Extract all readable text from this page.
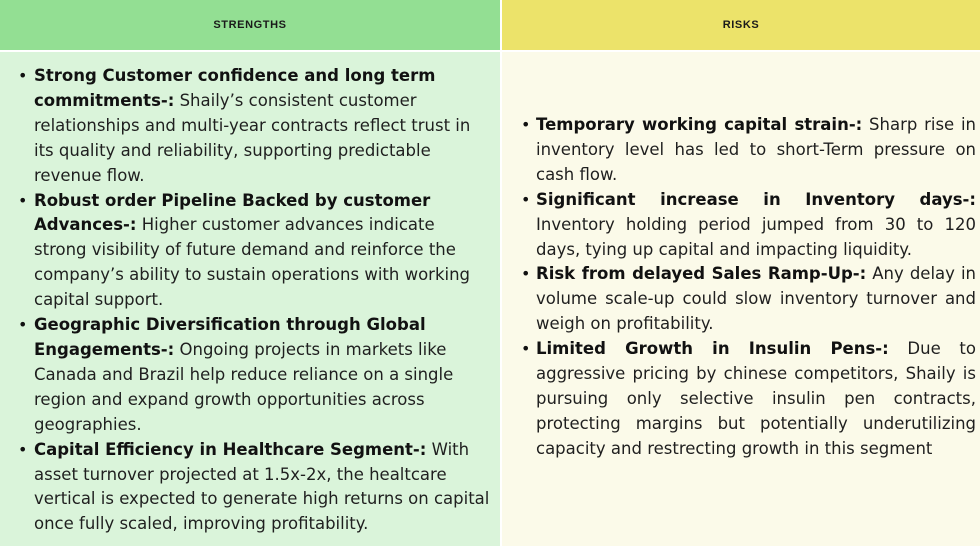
STRENGTHS
• Strong Customer confidence and long term commitments-: Shaily’s consistent customer relationships and multi-year contracts reflect trust in its quality and reliability, supporting predictable revenue flow.
• Robust order Pipeline Backed by customer Advances-: Higher customer advances indicate strong visibility of future demand and reinforce the company’s ability to sustain operations with working capital support.
• Geographic Diversification through Global Engagements-: Ongoing projects in markets like Canada and Brazil help reduce reliance on a single region and expand growth opportunities across geographies.
• Capital Efficiency in Healthcare Segment-: With asset turnover projected at 1.5x-2x, the healtcare vertical is expected to generate high returns on capital once fully scaled, improving profitability.
RISKS
• Temporary working capital strain-: Sharp rise in inventory level has led to short-Term pressure on cash flow.
• Significant increase in Inventory days-: Inventory holding period jumped from 30 to 120 days, tying up capital and impacting liquidity.
• Risk from delayed Sales Ramp-Up-: Any delay in volume scale-up could slow inventory turnover and weigh on profitability.
• Limited Growth in Insulin Pens-: Due to aggressive pricing by chinese competitors, Shaily is pursuing only selective insulin pen contracts, protecting margins but potentially underutilizing capacity and restrecting growth in this segment
